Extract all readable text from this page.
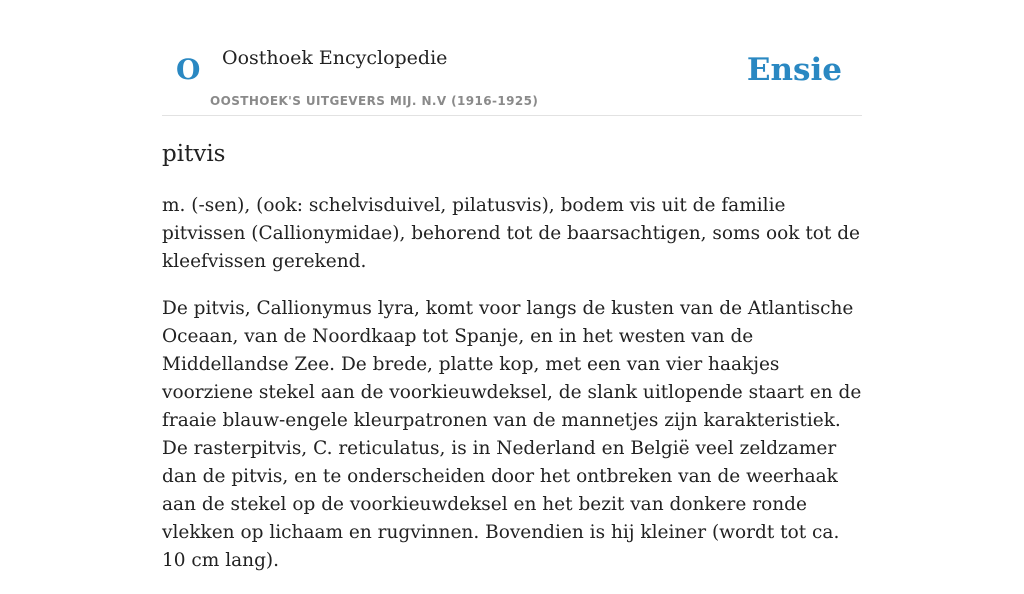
O Oosthoek Encyclopedie
OOSTHOEK'S UITGEVERS MIJ. N.V (1916-1925)
Ensie
pitvis

m. (-sen), (ook: schelvisduivel, pilatusvis), bodem vis uit de familie pitvissen (Callionymidae), behorend tot de baarsachtigen, soms ook tot de kleefvissen gerekend.

De pitvis, Callionymus lyra, komt voor langs de kusten van de Atlantische Oceaan, van de Noordkaap tot Spanje, en in het westen van de Middellandse Zee. De brede, platte kop, met een van vier haakjes voorziene stekel aan de voorkieuwdeksel, de slank uitlopende staart en de fraaie blauw-engele kleurpatronen van de mannetjes zijn karakteristiek. De rasterpitvis, C. reticulatus, is in Nederland en België veel zeldzamer dan de pitvis, en te onderscheiden door het ontbreken van de weerhaak aan de stekel op de voorkieuwdeksel en het bezit van donkere ronde vlekken op lichaam en rugvinnen. Bovendien is hij kleiner (wordt tot ca. 10 cm lang).
